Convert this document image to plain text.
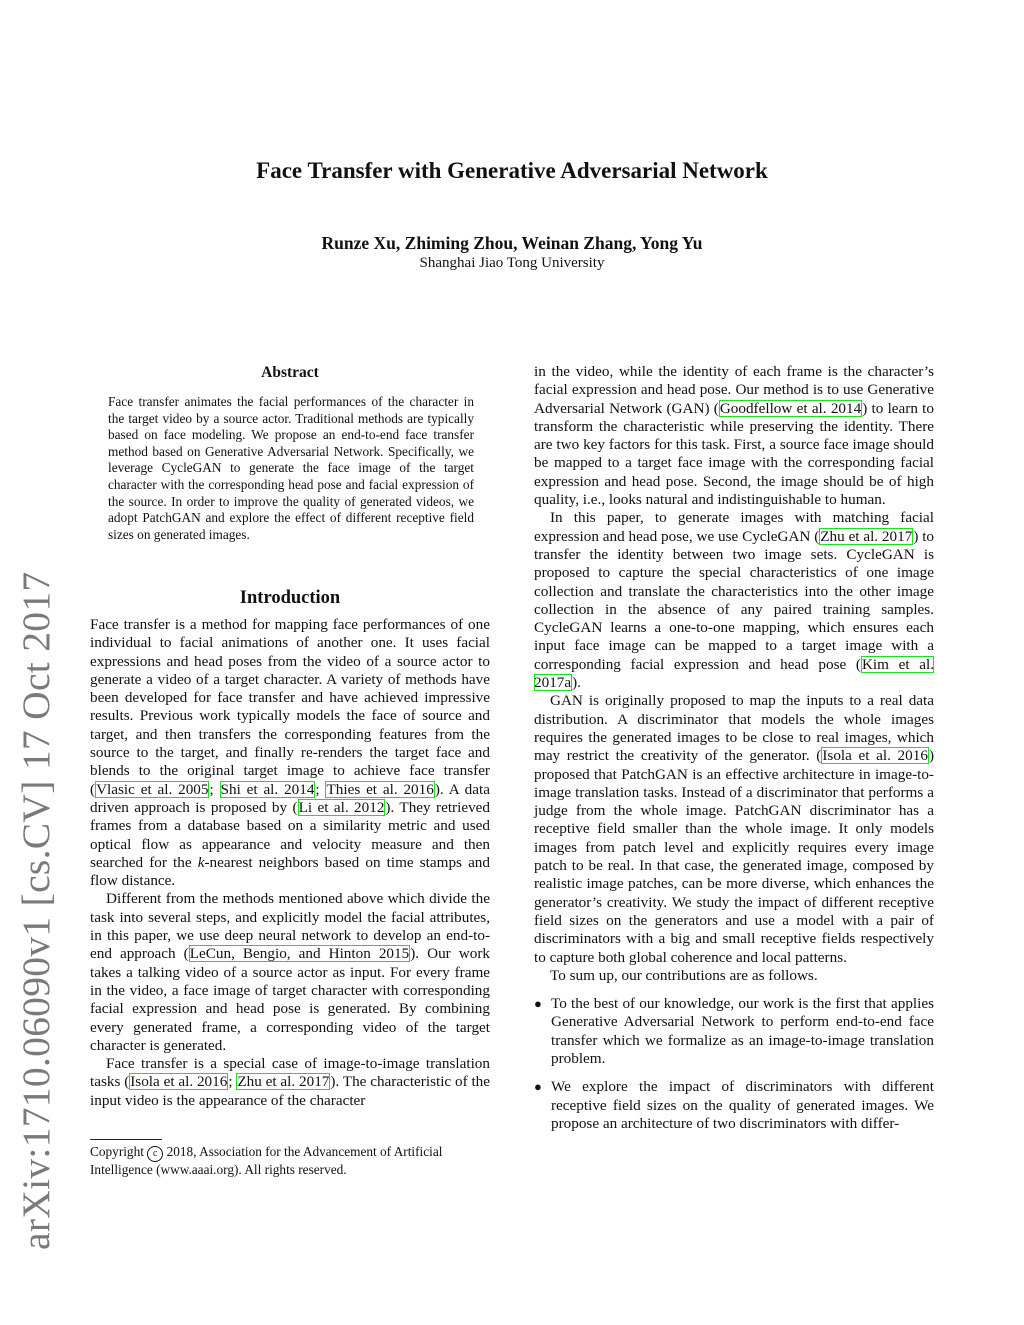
arXiv:1710.06090v1 [cs.CV] 17 Oct 2017
Face Transfer with Generative Adversarial Network
Runze Xu, Zhiming Zhou, Weinan Zhang, Yong Yu
Shanghai Jiao Tong University
Abstract
Face transfer animates the facial performances of the character in the target video by a source actor. Traditional methods are typically based on face modeling. We propose an end-to-end face transfer method based on Generative Adversarial Network. Specifically, we leverage CycleGAN to generate the face image of the target character with the corresponding head pose and facial expression of the source. In order to improve the quality of generated videos, we adopt PatchGAN and explore the effect of different receptive field sizes on generated images.
Introduction

Face transfer is a method for mapping face performances of one individual to facial animations of another one. It uses facial expressions and head poses from the video of a source actor to generate a video of a target character. A variety of methods have been developed for face transfer and have achieved impressive results. Previous work typically models the face of source and target, and then transfers the corresponding features from the source to the target, and finally re-renders the target face and blends to the original target image to achieve face transfer (Vlasic et al. 2005; Shi et al. 2014; Thies et al. 2016). A data driven approach is proposed by (Li et al. 2012). They retrieved frames from a database based on a similarity metric and used optical flow as appearance and velocity measure and then searched for the k-nearest neighbors based on time stamps and flow distance.

Different from the methods mentioned above which divide the task into several steps, and explicitly model the facial attributes, in this paper, we use deep neural network to develop an end-to-end approach (LeCun, Bengio, and Hinton 2015). Our work takes a talking video of a source actor as input. For every frame in the video, a face image of target character with corresponding facial expression and head pose is generated. By combining every generated frame, a corresponding video of the target character is generated.

Face transfer is a special case of image-to-image translation tasks (Isola et al. 2016; Zhu et al. 2017). The characteristic of the input video is the appearance of the character

Copyright c 2018, Association for the Advancement of Artificial Intelligence (www.aaai.org). All rights reserved.

in the video, while the identity of each frame is the character’s facial expression and head pose. Our method is to use Generative Adversarial Network (GAN) (Goodfellow et al. 2014) to learn to transform the characteristic while preserving the identity. There are two key factors for this task. First, a source face image should be mapped to a target face image with the corresponding facial expression and head pose. Second, the image should be of high quality, i.e., looks natural and indistinguishable to human.

In this paper, to generate images with matching facial expression and head pose, we use CycleGAN (Zhu et al. 2017) to transfer the identity between two image sets. CycleGAN is proposed to capture the special characteristics of one image collection and translate the characteristics into the other image collection in the absence of any paired training samples. CycleGAN learns a one-to-one mapping, which ensures each input face image can be mapped to a target image with a corresponding facial expression and head pose (Kim et al. 2017a).

GAN is originally proposed to map the inputs to a real data distribution. A discriminator that models the whole images requires the generated images to be close to real images, which may restrict the creativity of the generator. (Isola et al. 2016) proposed that PatchGAN is an effective architecture in image-to-image translation tasks. Instead of a discriminator that performs a judge from the whole image. PatchGAN discriminator has a receptive field smaller than the whole image. It only models images from patch level and explicitly requires every image patch to be real. In that case, the generated image, composed by realistic image patches, can be more diverse, which enhances the generator’s creativity. We study the impact of different receptive field sizes on the generators and use a model with a pair of discriminators with a big and small receptive fields respectively to capture both global coherence and local patterns.

To sum up, our contributions are as follows.

● To the best of our knowledge, our work is the first that applies Generative Adversarial Network to perform end-to-end face transfer which we formalize as an image-to-image translation problem.
● We explore the impact of discriminators with different receptive field sizes on the quality of generated images. We propose an architecture of two discriminators with differ-
